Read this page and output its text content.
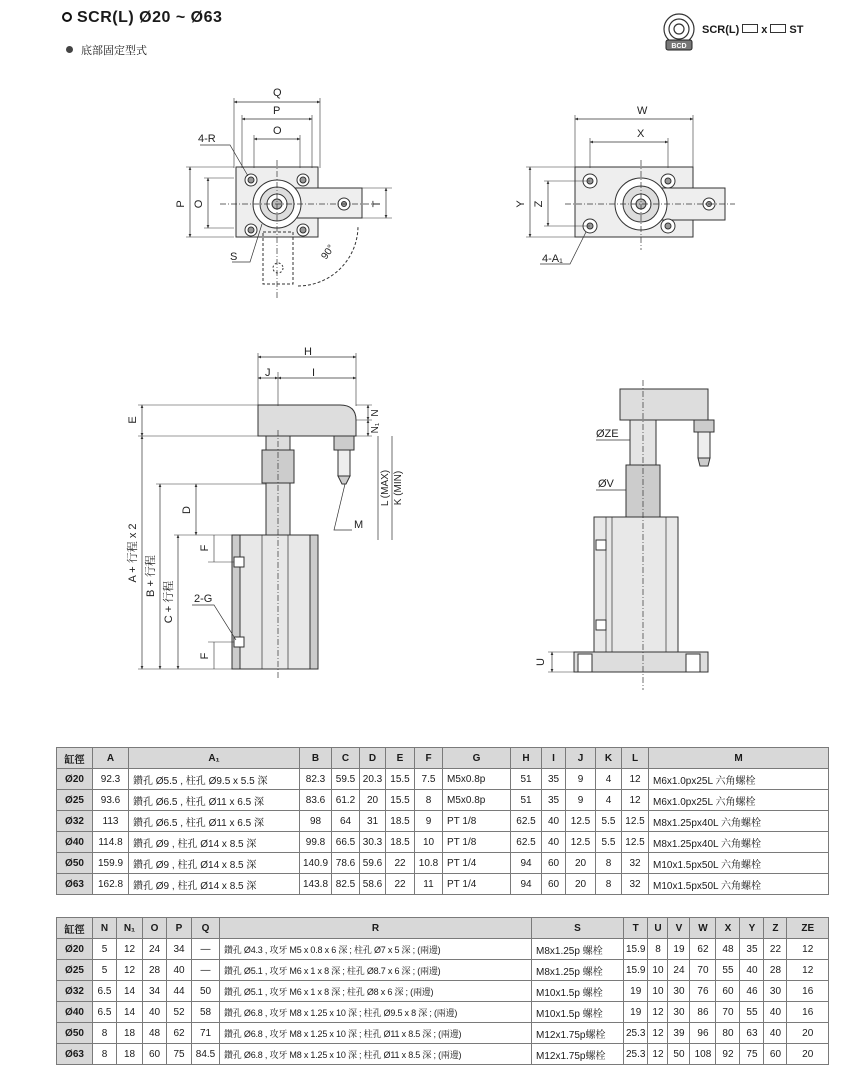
SCR(L) Ø20 ~ Ø63
底部固定型式	BCD
SCR(L) x ST
Q
P
O
4-R
P O	T
S	90°
W
X
Y Z
4-A₁
H
J	I
E
N
N₁
D
M
L (MAX) K (MIN)
F
F
2-G
A + 行程 x 2 B + 行程
C + 行程
ØZE
ØV
U
缸徑	A	A₁	B	C	D	E	F	G	H	I	J	K	L	M
Ø20	92.3	鑽孔 Ø5.5 , 柱孔 Ø9.5 x 5.5 深	82.3	59.5	20.3	15.5	7.5	M5x0.8p	51	35	9	4	12	M6x1.0px25L 六角螺栓
Ø25	93.6	鑽孔 Ø6.5 , 柱孔 Ø11 x 6.5 深	83.6	61.2	20	15.5	8	M5x0.8p	51	35	9	4	12	M6x1.0px25L 六角螺栓
Ø32	113	鑽孔 Ø6.5 , 柱孔 Ø11 x 6.5 深	98	64	31	18.5	9	PT 1/8	62.5	40	12.5	5.5	12.5	M8x1.25px40L 六角螺栓
Ø40	114.8	鑽孔 Ø9 , 柱孔 Ø14 x 8.5 深	99.8	66.5	30.3	18.5	10	PT 1/8	62.5	40	12.5	5.5	12.5	M8x1.25px40L 六角螺栓
Ø50	159.9	鑽孔 Ø9 , 柱孔 Ø14 x 8.5 深	140.9	78.6	59.6	22	10.8	PT 1/4	94	60	20	8	32	M10x1.5px50L 六角螺栓
Ø63	162.8	鑽孔 Ø9 , 柱孔 Ø14 x 8.5 深	143.8	82.5	58.6	22	11	PT 1/4	94	60	20	8	32	M10x1.5px50L 六角螺栓
缸徑	N	N₁	O	P	Q	R	S	T	U	V	W	X	Y	Z	ZE
Ø20	5	12	24	34	—	鑽孔 Ø4.3 , 攻牙 M5 x 0.8 x 6 深 ; 柱孔 Ø7 x 5 深 ; (兩邊)	M8x1.25p 螺栓	15.9	8	19	62	48	35	22	12
Ø25	5	12	28	40	—	鑽孔 Ø5.1 , 攻牙 M6 x 1 x 8 深 ; 柱孔 Ø8.7 x 6 深 ; (兩邊)	M8x1.25p 螺栓	15.9	10	24	70	55	40	28	12
Ø32	6.5	14	34	44	50	鑽孔 Ø5.1 , 攻牙 M6 x 1 x 8 深 ; 柱孔 Ø8 x 6 深 ; (兩邊)	M10x1.5p 螺栓	19	10	30	76	60	46	30	16
Ø40	6.5	14	40	52	58	鑽孔 Ø6.8 , 攻牙 M8 x 1.25 x 10 深 ; 柱孔 Ø9.5 x 8 深 ; (兩邊)	M10x1.5p 螺栓	19	12	30	86	70	55	40	16
Ø50	8	18	48	62	71	鑽孔 Ø6.8 , 攻牙 M8 x 1.25 x 10 深 ; 柱孔 Ø11 x 8.5 深 ; (兩邊)	M12x1.75p螺栓	25.3	12	39	96	80	63	40	20
Ø63	8	18	60	75	84.5	鑽孔 Ø6.8 , 攻牙 M8 x 1.25 x 10 深 ; 柱孔 Ø11 x 8.5 深 ; (兩邊)	M12x1.75p螺栓	25.3	12	50	108	92	75	60	20
